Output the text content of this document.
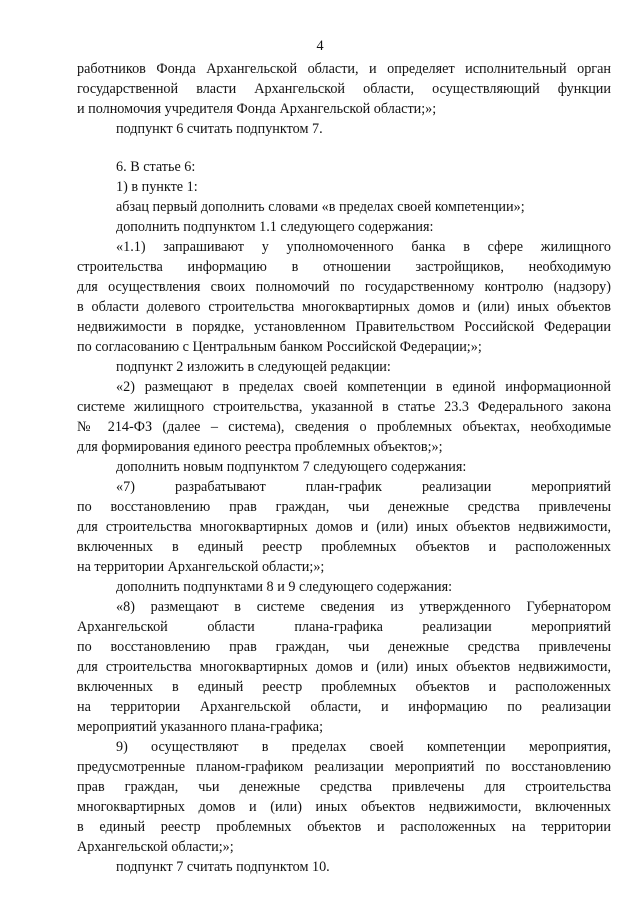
4
работников Фонда Архангельской области, и определяет исполнительный орган
государственной власти Архангельской области, осуществляющий функции
и полномочия учредителя Фонда Архангельской области;»;
подпункт 6 считать подпунктом 7.
6. В статье 6:
1) в пункте 1:
абзац первый дополнить словами «в пределах своей компетенции»;
дополнить подпунктом 1.1 следующего содержания:
«1.1) запрашивают у уполномоченного банка в сфере жилищного
строительства информацию в отношении застройщиков, необходимую
для осуществления своих полномочий по государственному контролю (надзору)
в области долевого строительства многоквартирных домов и (или) иных объектов
недвижимости в порядке, установленном Правительством Российской Федерации
по согласованию с Центральным банком Российской Федерации;»;
подпункт 2 изложить в следующей редакции:
«2) размещают в пределах своей компетенции в единой информационной
системе жилищного строительства, указанной в статье 23.3 Федерального закона
№ 214-ФЗ (далее – система), сведения о проблемных объектах, необходимые
для формирования единого реестра проблемных объектов;»;
дополнить новым подпунктом 7 следующего содержания:
«7) разрабатывают план-график реализации мероприятий
по восстановлению прав граждан, чьи денежные средства привлечены
для строительства многоквартирных домов и (или) иных объектов недвижимости,
включенных в единый реестр проблемных объектов и расположенных
на территории Архангельской области;»;
дополнить подпунктами 8 и 9 следующего содержания:
«8) размещают в системе сведения из утвержденного Губернатором
Архангельской области плана-графика реализации мероприятий
по восстановлению прав граждан, чьи денежные средства привлечены
для строительства многоквартирных домов и (или) иных объектов недвижимости,
включенных в единый реестр проблемных объектов и расположенных
на территории Архангельской области, и информацию по реализации
мероприятий указанного плана-графика;
9) осуществляют в пределах своей компетенции мероприятия,
предусмотренные планом-графиком реализации мероприятий по восстановлению
прав граждан, чьи денежные средства привлечены для строительства
многоквартирных домов и (или) иных объектов недвижимости, включенных
в единый реестр проблемных объектов и расположенных на территории
Архангельской области;»;
подпункт 7 считать подпунктом 10.
